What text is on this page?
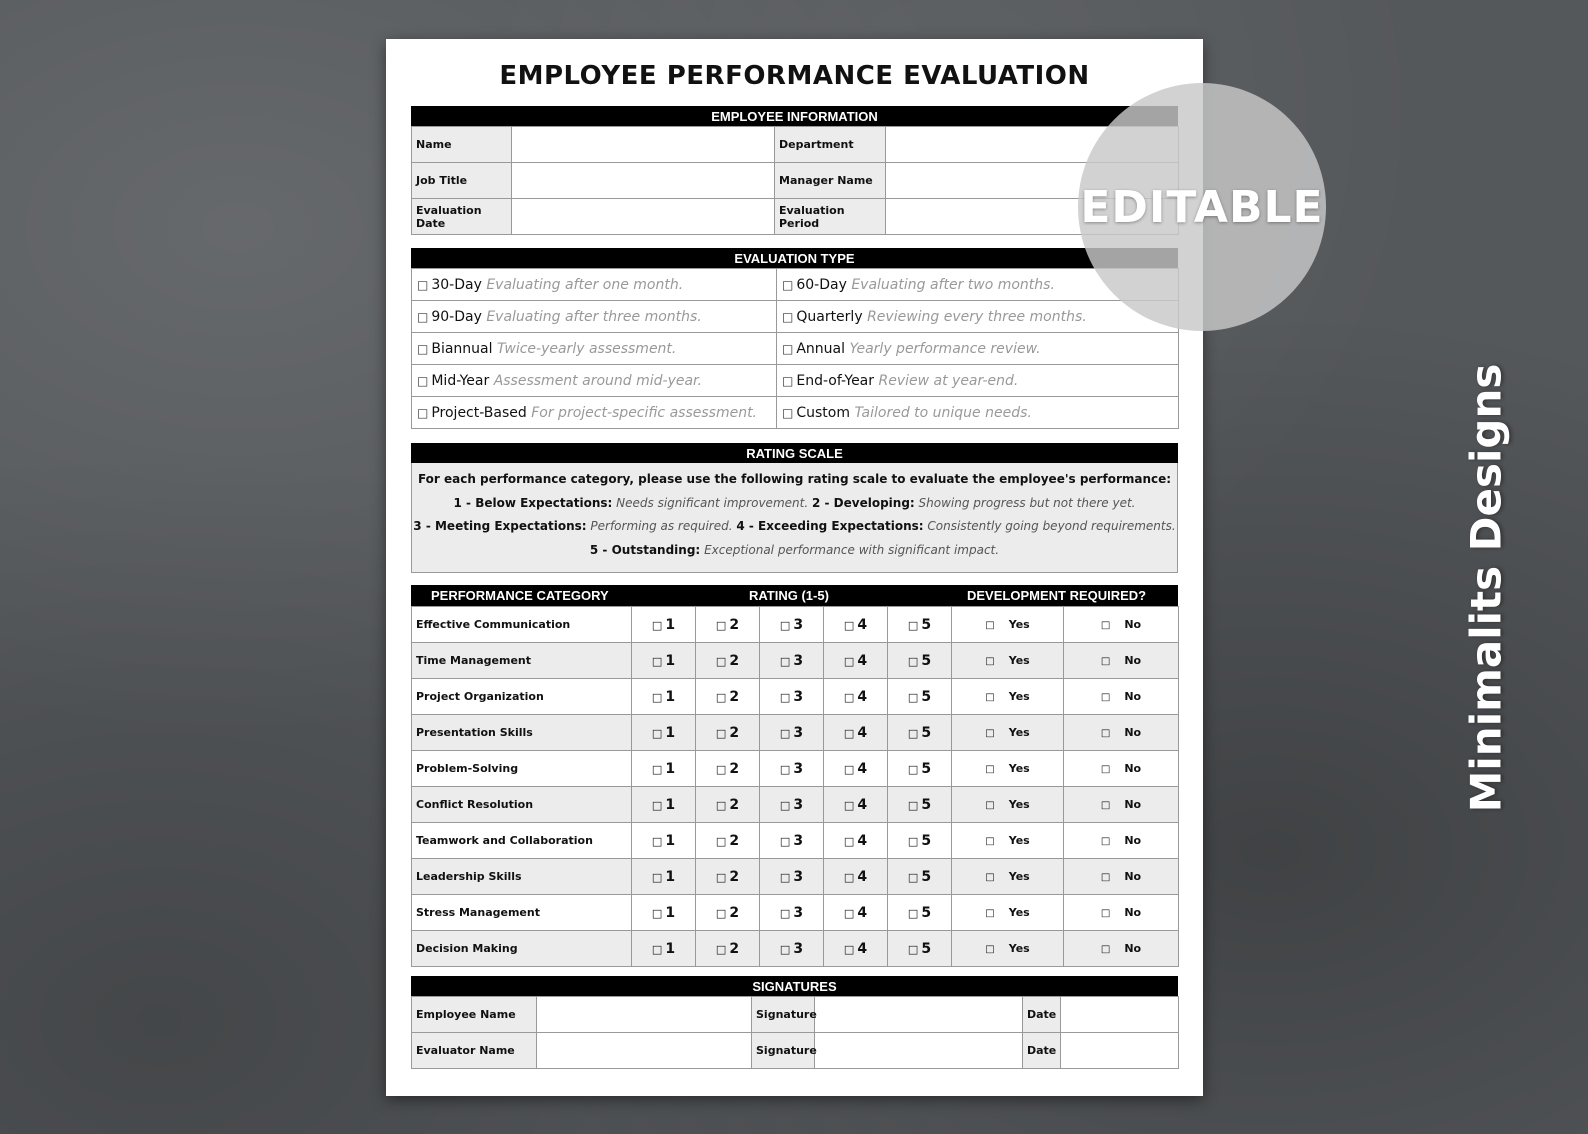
EMPLOYEE PERFORMANCE EVALUATION
EMPLOYEE INFORMATION
Name		Department	
Job Title		Manager Name	
Evaluation Date		Evaluation Period	
EVALUATION TYPE
□ 30-Day Evaluating after one month.	□ 60-Day Evaluating after two months.
□ 90-Day Evaluating after three months.	□ Quarterly Reviewing every three months.
□ Biannual Twice-yearly assessment.	□ Annual Yearly performance review.
□ Mid-Year Assessment around mid-year.	□ End-of-Year Review at year-end.
□ Project-Based For project-specific assessment.	□ Custom Tailored to unique needs.
RATING SCALE
For each performance category, please use the following rating scale to evaluate the employee's performance:
1 - Below Expectations: Needs significant improvement. 2 - Developing: Showing progress but not there yet.
3 - Meeting Expectations: Performing as required. 4 - Exceeding Expectations: Consistently going beyond requirements.
5 - Outstanding: Exceptional performance with significant impact.
PERFORMANCE CATEGORY	RATING (1-5)	DEVELOPMENT REQUIRED?
Effective Communication	□ 1	□ 2	□ 3	□ 4	□ 5	□ Yes	□ No
Time Management	□ 1	□ 2	□ 3	□ 4	□ 5	□ Yes	□ No
Project Organization	□ 1	□ 2	□ 3	□ 4	□ 5	□ Yes	□ No
Presentation Skills	□ 1	□ 2	□ 3	□ 4	□ 5	□ Yes	□ No
Problem-Solving	□ 1	□ 2	□ 3	□ 4	□ 5	□ Yes	□ No
Conflict Resolution	□ 1	□ 2	□ 3	□ 4	□ 5	□ Yes	□ No
Teamwork and Collaboration	□ 1	□ 2	□ 3	□ 4	□ 5	□ Yes	□ No
Leadership Skills	□ 1	□ 2	□ 3	□ 4	□ 5	□ Yes	□ No
Stress Management	□ 1	□ 2	□ 3	□ 4	□ 5	□ Yes	□ No
Decision Making	□ 1	□ 2	□ 3	□ 4	□ 5	□ Yes	□ No
SIGNATURES
Employee Name		Signature		Date	
Evaluator Name		Signature		Date	
EDITABLE
Minimalits Designs
